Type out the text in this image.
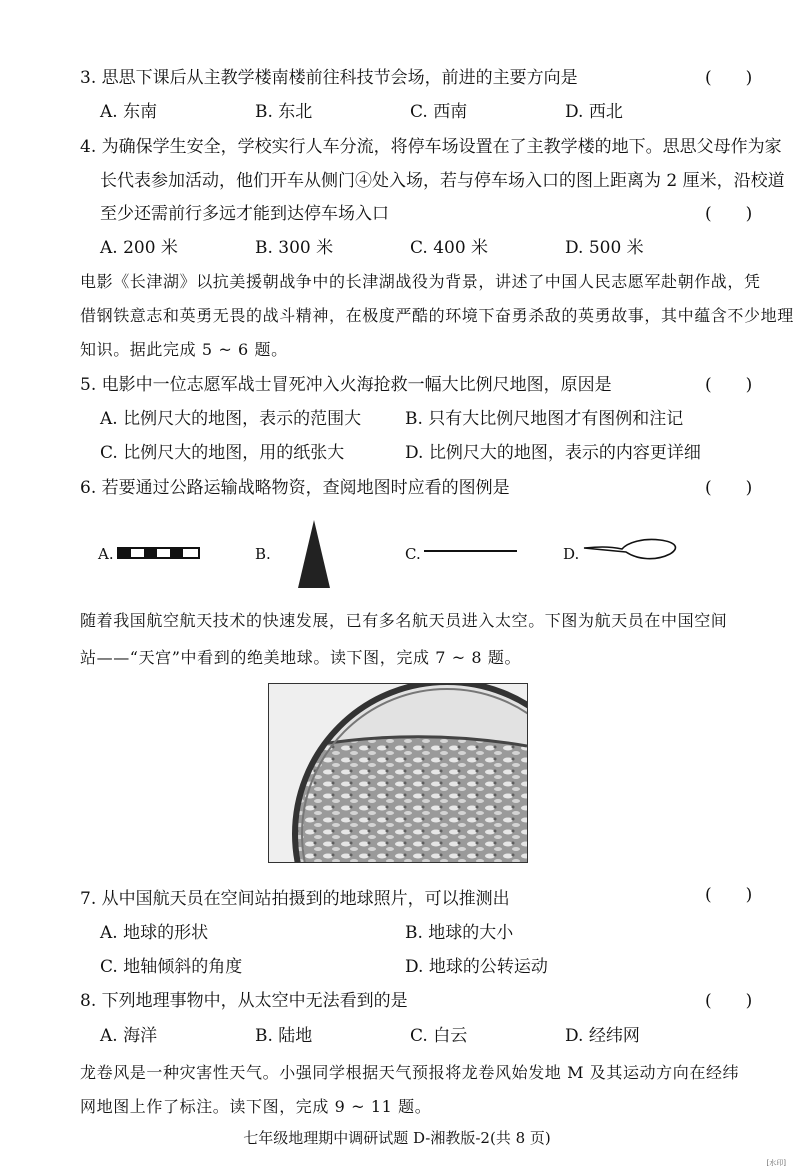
3. 思思下课后从主教学楼南楼前往科技节会场，前进的主要方向是	(　　)
A. 东南	B. 东北	C. 西南	D. 西北
4. 为确保学生安全，学校实行人车分流，将停车场设置在了主教学楼的地下。思思父母作为家
长代表参加活动，他们开车从侧门④处入场，若与停车场入口的图上距离为 2 厘米，沿校道
至少还需前行多远才能到达停车场入口	(　　)
A. 200 米	B. 300 米	C. 400 米	D. 500 米
电影《长津湖》以抗美援朝战争中的长津湖战役为背景，讲述了中国人民志愿军赴朝作战，凭
借钢铁意志和英勇无畏的战斗精神，在极度严酷的环境下奋勇杀敌的英勇故事，其中蕴含不少地理
知识。据此完成 5 ~ 6 题。
5. 电影中一位志愿军战士冒死冲入火海抢救一幅大比例尺地图，原因是	(　　)
A. 比例尺大的地图，表示的范围大	B. 只有大比例尺地图才有图例和注记
C. 比例尺大的地图，用的纸张大	D. 比例尺大的地图，表示的内容更详细
6. 若要通过公路运输战略物资，查阅地图时应看的图例是	(　　)
A.	B.	C.	D.
随着我国航空航天技术的快速发展，已有多名航天员进入太空。下图为航天员在中国空间
站——“天宫”中看到的绝美地球。读下图，完成 7 ~ 8 题。
7. 从中国航天员在空间站拍摄到的地球照片，可以推测出	(　　)
A. 地球的形状	B. 地球的大小
C. 地轴倾斜的角度	D. 地球的公转运动
8. 下列地理事物中，从太空中无法看到的是	(　　)
A. 海洋	B. 陆地	C. 白云	D. 经纬网
龙卷风是一种灾害性天气。小强同学根据天气预报将龙卷风始发地 M 及其运动方向在经纬
网地图上作了标注。读下图，完成 9 ~ 11 题。
七年级地理期中调研试题 D-湘教版-2(共 8 页)
[水印]
